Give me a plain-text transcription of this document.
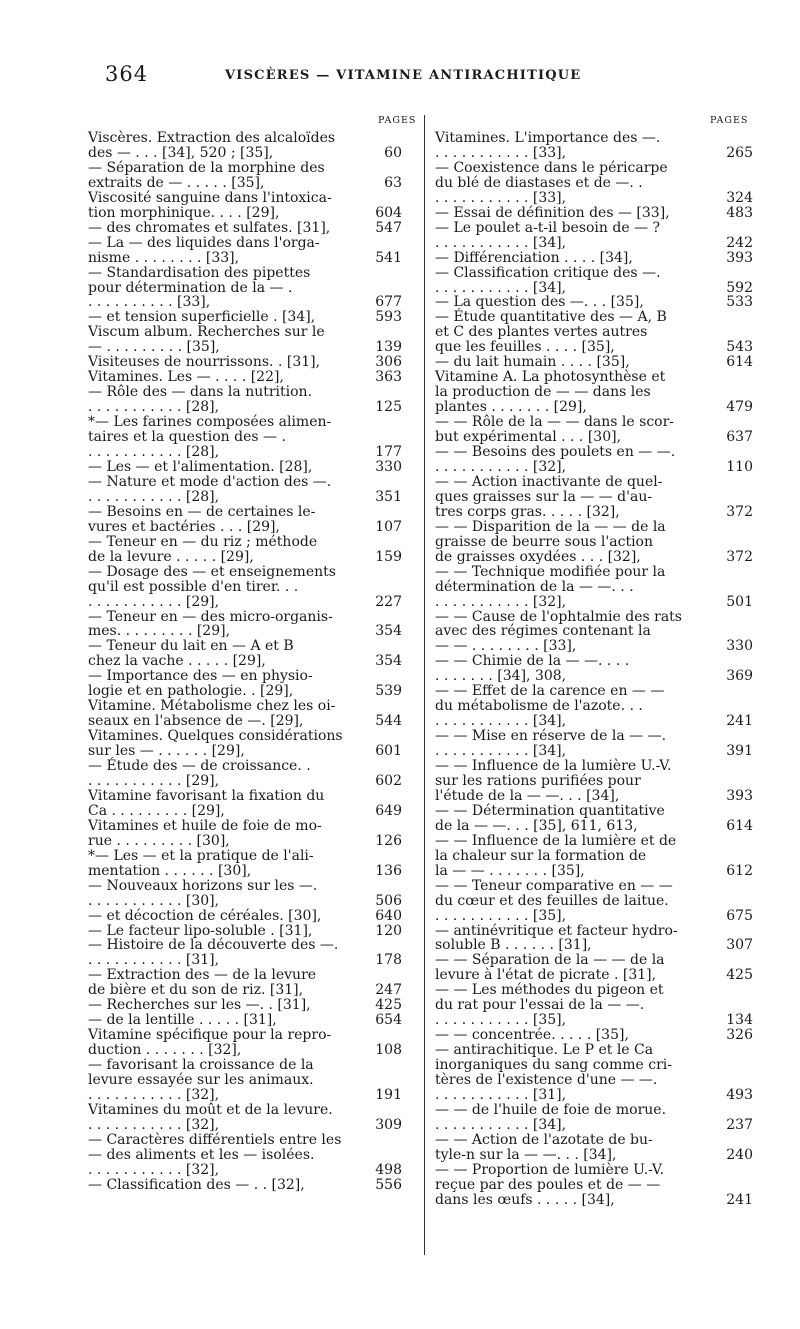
364	VISCÈRES — VITAMINE ANTIRACHITIQUE
PAGES	PAGES
Viscères. Extraction des alcaloïdes
des — . . . [34], 520 ; [35],	60
— Séparation de la morphine des
extraits de — . . . . . [35],	63
Viscosité sanguine dans l'intoxica-
tion morphinique. . . . [29],	604
— des chromates et sulfates. [31],	547
— La — des liquides dans l'orga-
nisme . . . . . . . . [33],	541
— Standardisation des pipettes
pour détermination de la — .
. . . . . . . . . . [33],	677
— et tension superficielle . [34],	593
Viscum album. Recherches sur le
— . . . . . . . . . [35],	139
Visiteuses de nourrissons. . [31],	306
Vitamines. Les — . . . . [22],	363
— Rôle des — dans la nutrition.
. . . . . . . . . . . [28],	125
*— Les farines composées alimen-
taires et la question des — .
. . . . . . . . . . . [28],	177
— Les — et l'alimentation. [28],	330
— Nature et mode d'action des —.
. . . . . . . . . . . [28],	351
— Besoins en — de certaines le-
vures et bactéries . . . [29],	107
— Teneur en — du riz ; méthode
de la levure . . . . . [29],	159
— Dosage des — et enseignements
qu'il est possible d'en tirer. . .
. . . . . . . . . . . [29],	227
— Teneur en — des micro-organis-
mes. . . . . . . . . [29],	354
— Teneur du lait en — A et B
chez la vache . . . . . [29],	354
— Importance des — en physio-
logie et en pathologie. . [29],	539
Vitamine. Métabolisme chez les oi-
seaux en l'absence de —. [29],	544
Vitamines. Quelques considérations
sur les — . . . . . . [29],	601
— Étude des — de croissance. .
. . . . . . . . . . . [29],	602
Vitamine favorisant la fixation du
Ca . . . . . . . . . [29],	649
Vitamines et huile de foie de mo-
rue . . . . . . . . . [30],	126
*— Les — et la pratique de l'ali-
mentation . . . . . . [30],	136
— Nouveaux horizons sur les —.
. . . . . . . . . . . [30],	506
— et décoction de céréales. [30],	640
— Le facteur lipo-soluble . [31],	120
— Histoire de la découverte des —.
. . . . . . . . . . . [31],	178
— Extraction des — de la levure
de bière et du son de riz. [31],	247
— Recherches sur les —. . [31],	425
— de la lentille . . . . . [31],	654
Vitamine spécifique pour la repro-
duction . . . . . . . [32],	108
— favorisant la croissance de la
levure essayée sur les animaux.
. . . . . . . . . . . [32],	191
Vitamines du moût et de la levure.
. . . . . . . . . . . [32],	309
— Caractères différentiels entre les
— des aliments et les — isolées.
. . . . . . . . . . . [32],	498
— Classification des — . . [32],	556
Vitamines. L'importance des —.
. . . . . . . . . . . [33],	265
— Coexistence dans le péricarpe
du blé de diastases et de —. .
. . . . . . . . . . . [33],	324
— Essai de définition des — [33],	483
— Le poulet a-t-il besoin de — ?
. . . . . . . . . . . [34],	242
— Différenciation . . . . [34],	393
— Classification critique des —.
. . . . . . . . . . . [34],	592
— La question des —. . . [35],	533
— Étude quantitative des — A, B
et C des plantes vertes autres
que les feuilles . . . . [35],	543
— du lait humain . . . . [35],	614
Vitamine A. La photosynthèse et
la production de — — dans les
plantes . . . . . . . [29],	479
— — Rôle de la — — dans le scor-
but expérimental . . . [30],	637
— — Besoins des poulets en — —.
. . . . . . . . . . . [32],	110
— — Action inactivante de quel-
ques graisses sur la — — d'au-
tres corps gras. . . . . [32],	372
— — Disparition de la — — de la
graisse de beurre sous l'action
de graisses oxydées . . . [32],	372
— — Technique modifiée pour la
détermination de la — —. . .
. . . . . . . . . . . [32],	501
— — Cause de l'ophtalmie des rats
avec des régimes contenant la
— — . . . . . . . . [33],	330
— — Chimie de la — —. . . .
. . . . . . . [34], 308,	369
— — Effet de la carence en — —
du métabolisme de l'azote. . .
. . . . . . . . . . . [34],	241
— — Mise en réserve de la — —.
. . . . . . . . . . . [34],	391
— — Influence de la lumière U.-V.
sur les rations purifiées pour
l'étude de la — —. . . [34],	393
— — Détermination quantitative
de la — —. . . [35], 611, 613,	614
— — Influence de la lumière et de
la chaleur sur la formation de
la — — . . . . . . . [35],	612
— — Teneur comparative en — —
du cœur et des feuilles de laitue.
. . . . . . . . . . . [35],	675
— antinévritique et facteur hydro-
soluble B . . . . . . [31],	307
— — Séparation de la — — de la
levure à l'état de picrate . [31],	425
— — Les méthodes du pigeon et
du rat pour l'essai de la — —.
. . . . . . . . . . . [35],	134
— — concentrée. . . . . [35],	326
— antirachitique. Le P et le Ca
inorganiques du sang comme cri-
tères de l'existence d'une — —.
. . . . . . . . . . . [31],	493
— — de l'huile de foie de morue.
. . . . . . . . . . . [34],	237
— — Action de l'azotate de bu-
tyle-n sur la — —. . . [34],	240
— — Proportion de lumière U.-V.
reçue par des poules et de — —
dans les œufs . . . . . [34],	241
